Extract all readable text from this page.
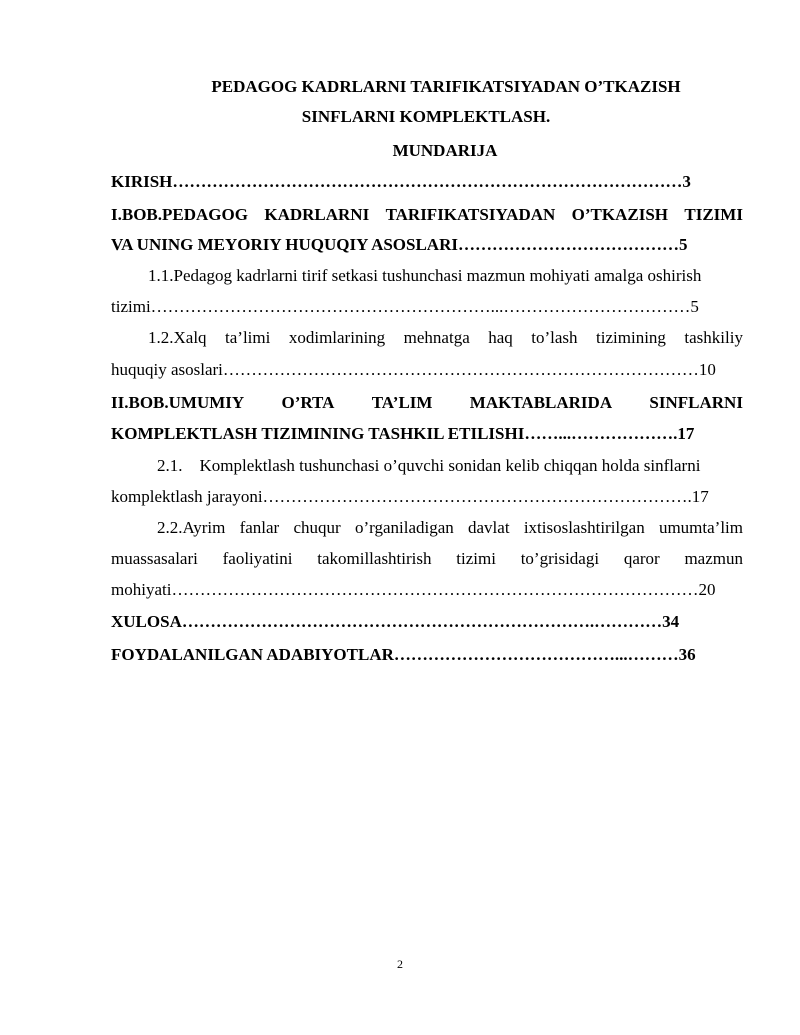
PEDAGOG KADRLARNI TARIFIKATSIYADAN O’TKAZISH
SINFLARNI KOMPLEKTLASH.
MUNDARIJA
KIRISH………………………………………………………………………………3
I.BOB.PEDAGOG KADRLARNI TARIFIKATSIYADAN O’TKAZISH TIZIMI
VA UNING MEYORIY HUQUQIY ASOSLARI…………………………………5
1.1.Pedagog kadrlarni tirif setkasi tushunchasi mazmun mohiyati amalga oshirish
tizimi……………………………………………………...……………………………5
1.2.Xalq ta’limi xodimlarining mehnatga haq to’lash tizimining tashkiliy
huquqiy asoslari…………………………………………………………………………10
II.BOB.UMUMIY O’RTA TA’LIM MAKTABLARIDA SINFLARNI
KOMPLEKTLASH TIZIMINING TASHKIL ETILISHI……...……………….17
2.1.    Komplektlash tushunchasi o’quvchi sonidan kelib chiqqan holda sinflarni
komplektlash jarayoni………………………………………………………………….17
2.2.Ayrim fanlar chuqur o’rganiladigan davlat ixtisoslashtirilgan umumta’lim
muassasalari faoliyatini takomillashtirish tizimi to’grisidagi qaror mazmun
mohiyati…………………………………………………………………………………20
XULOSA……………………………………………………………….…………34
FOYDALANILGAN ADABIYOTLAR…………………………………...………36
2
